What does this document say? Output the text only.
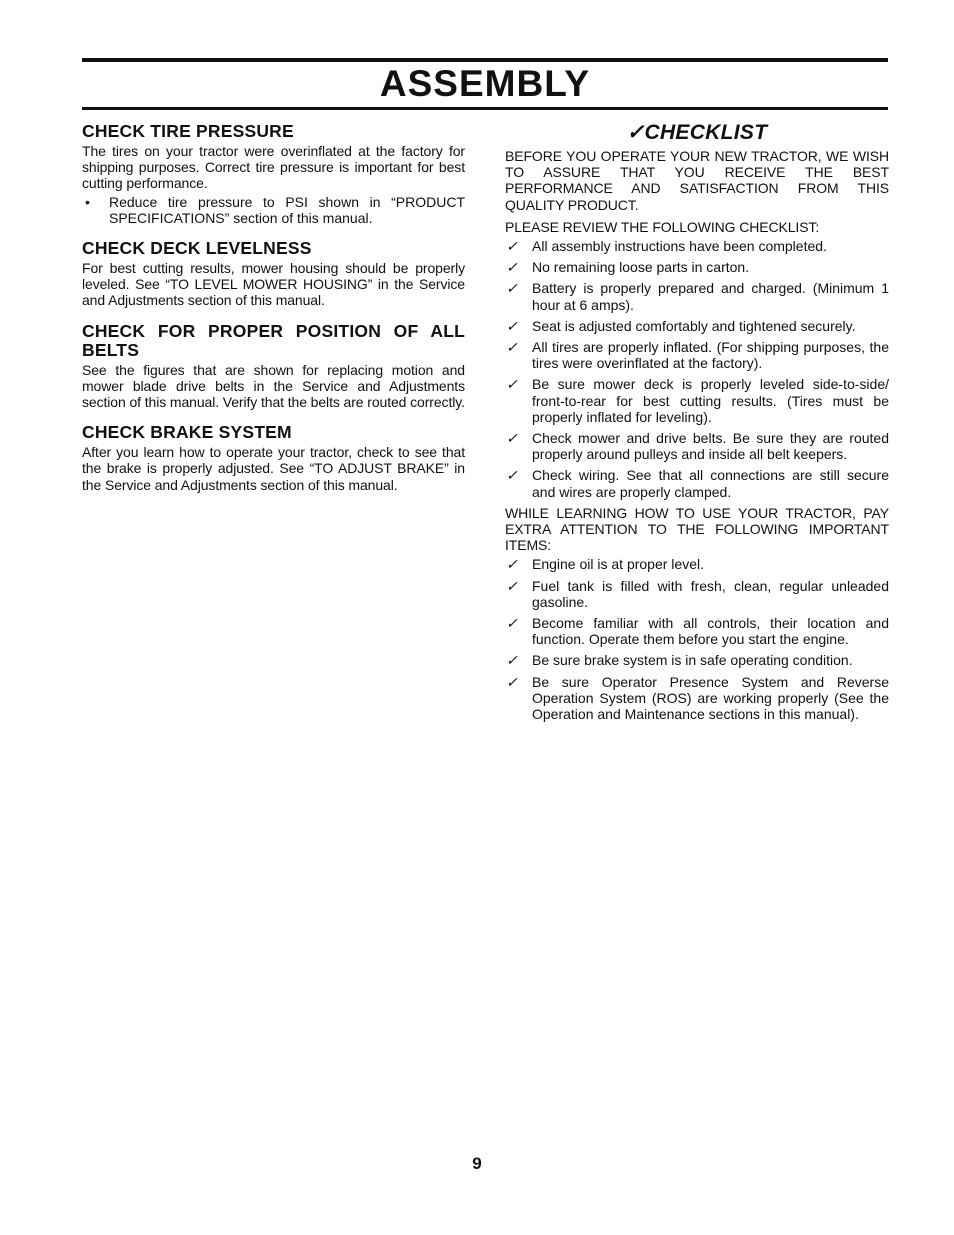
ASSEMBLY
CHECK TIRE PRESSURE

The tires on your tractor were overinflated at the factory for shipping purposes. Correct tire pressure is important for best cutting performance.

•	Reduce tire pressure to PSI shown in “PRODUCT SPECIFICATIONS” section of this manual.
CHECK DECK LEVELNESS

For best cutting results, mower housing should be properly leveled. See “TO LEVEL MOWER HOUSING” in the Service and Adjustments section of this manual.

CHECK FOR PROPER POSITION OF ALL BELTS

See the figures that are shown for replacing motion and mower blade drive belts in the Service and Adjustments section of this manual. Verify that the belts are routed correctly.

CHECK BRAKE SYSTEM

After you learn how to operate your tractor, check to see that the brake is properly adjusted. See “TO ADJUST BRAKE” in the Service and Adjustments section of this manual.

✓CHECKLIST

BEFORE YOU OPERATE YOUR NEW TRACTOR, WE WISH TO ASSURE THAT YOU RECEIVE THE BEST PERFORMANCE AND SATISFACTION FROM THIS QUALITY PRODUCT.

PLEASE REVIEW THE FOLLOWING CHECKLIST:

✓	All assembly instructions have been completed.
✓	No remaining loose parts in carton.
✓	Battery is properly prepared and charged. (Minimum 1 hour at 6 amps).
✓	Seat is adjusted comfortably and tightened securely.
✓	All tires are properly inflated. (For shipping purposes, the tires were overinflated at the factory).
✓	Be sure mower deck is properly leveled side-to-side/ front-to-rear for best cutting results. (Tires must be properly inflated for leveling).
✓	Check mower and drive belts. Be sure they are routed properly around pulleys and inside all belt keepers.
✓	Check wiring. See that all connections are still secure and wires are properly clamped.

WHILE LEARNING HOW TO USE YOUR TRACTOR, PAY EXTRA ATTENTION TO THE FOLLOWING IMPORTANT ITEMS:

✓	Engine oil is at proper level.
✓	Fuel tank is filled with fresh, clean, regular unleaded gasoline.
✓	Become familiar with all controls, their location and function. Operate them before you start the engine.
✓	Be sure brake system is in safe operating condition.
✓	Be sure Operator Presence System and Reverse Operation System (ROS) are working properly (See the Operation and Maintenance sections in this manual).
9
